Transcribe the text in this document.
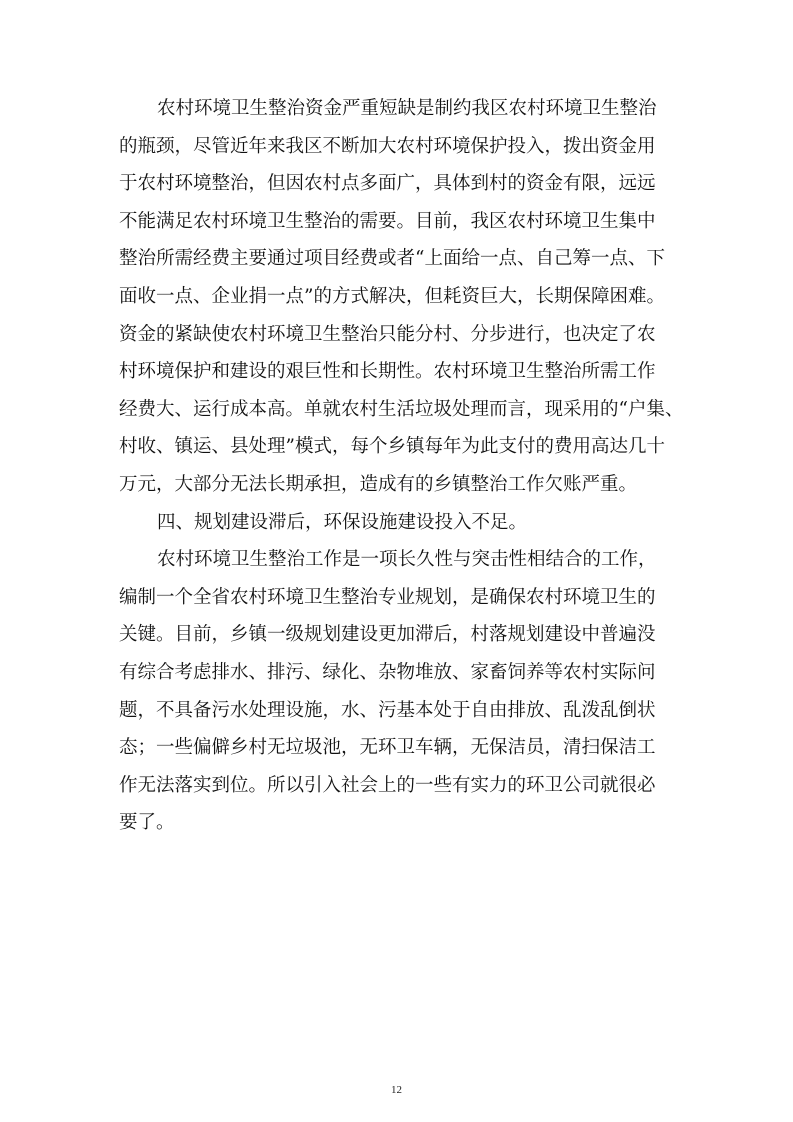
农村环境卫生整治资金严重短缺是制约我区农村环境卫生整治
的瓶颈，尽管近年来我区不断加大农村环境保护投入，拨出资金用
于农村环境整治，但因农村点多面广，具体到村的资金有限，远远
不能满足农村环境卫生整治的需要。目前，我区农村环境卫生集中
整治所需经费主要通过项目经费或者“上面给一点、自己筹一点、下
面收一点、企业捐一点”的方式解决，但耗资巨大，长期保障困难。
资金的紧缺使农村环境卫生整治只能分村、分步进行，也决定了农
村环境保护和建设的艰巨性和长期性。农村环境卫生整治所需工作
经费大、运行成本高。单就农村生活垃圾处理而言，现采用的“户集、
村收、镇运、县处理”模式，每个乡镇每年为此支付的费用高达几十
万元，大部分无法长期承担，造成有的乡镇整治工作欠账严重。
四、规划建设滞后，环保设施建设投入不足。
农村环境卫生整治工作是一项长久性与突击性相结合的工作，
编制一个全省农村环境卫生整治专业规划，是确保农村环境卫生的
关键。目前，乡镇一级规划建设更加滞后，村落规划建设中普遍没
有综合考虑排水、排污、绿化、杂物堆放、家畜饲养等农村实际问
题，不具备污水处理设施，水、污基本处于自由排放、乱泼乱倒状
态；一些偏僻乡村无垃圾池，无环卫车辆，无保洁员，清扫保洁工
作无法落实到位。所以引入社会上的一些有实力的环卫公司就很必
要了。
12
